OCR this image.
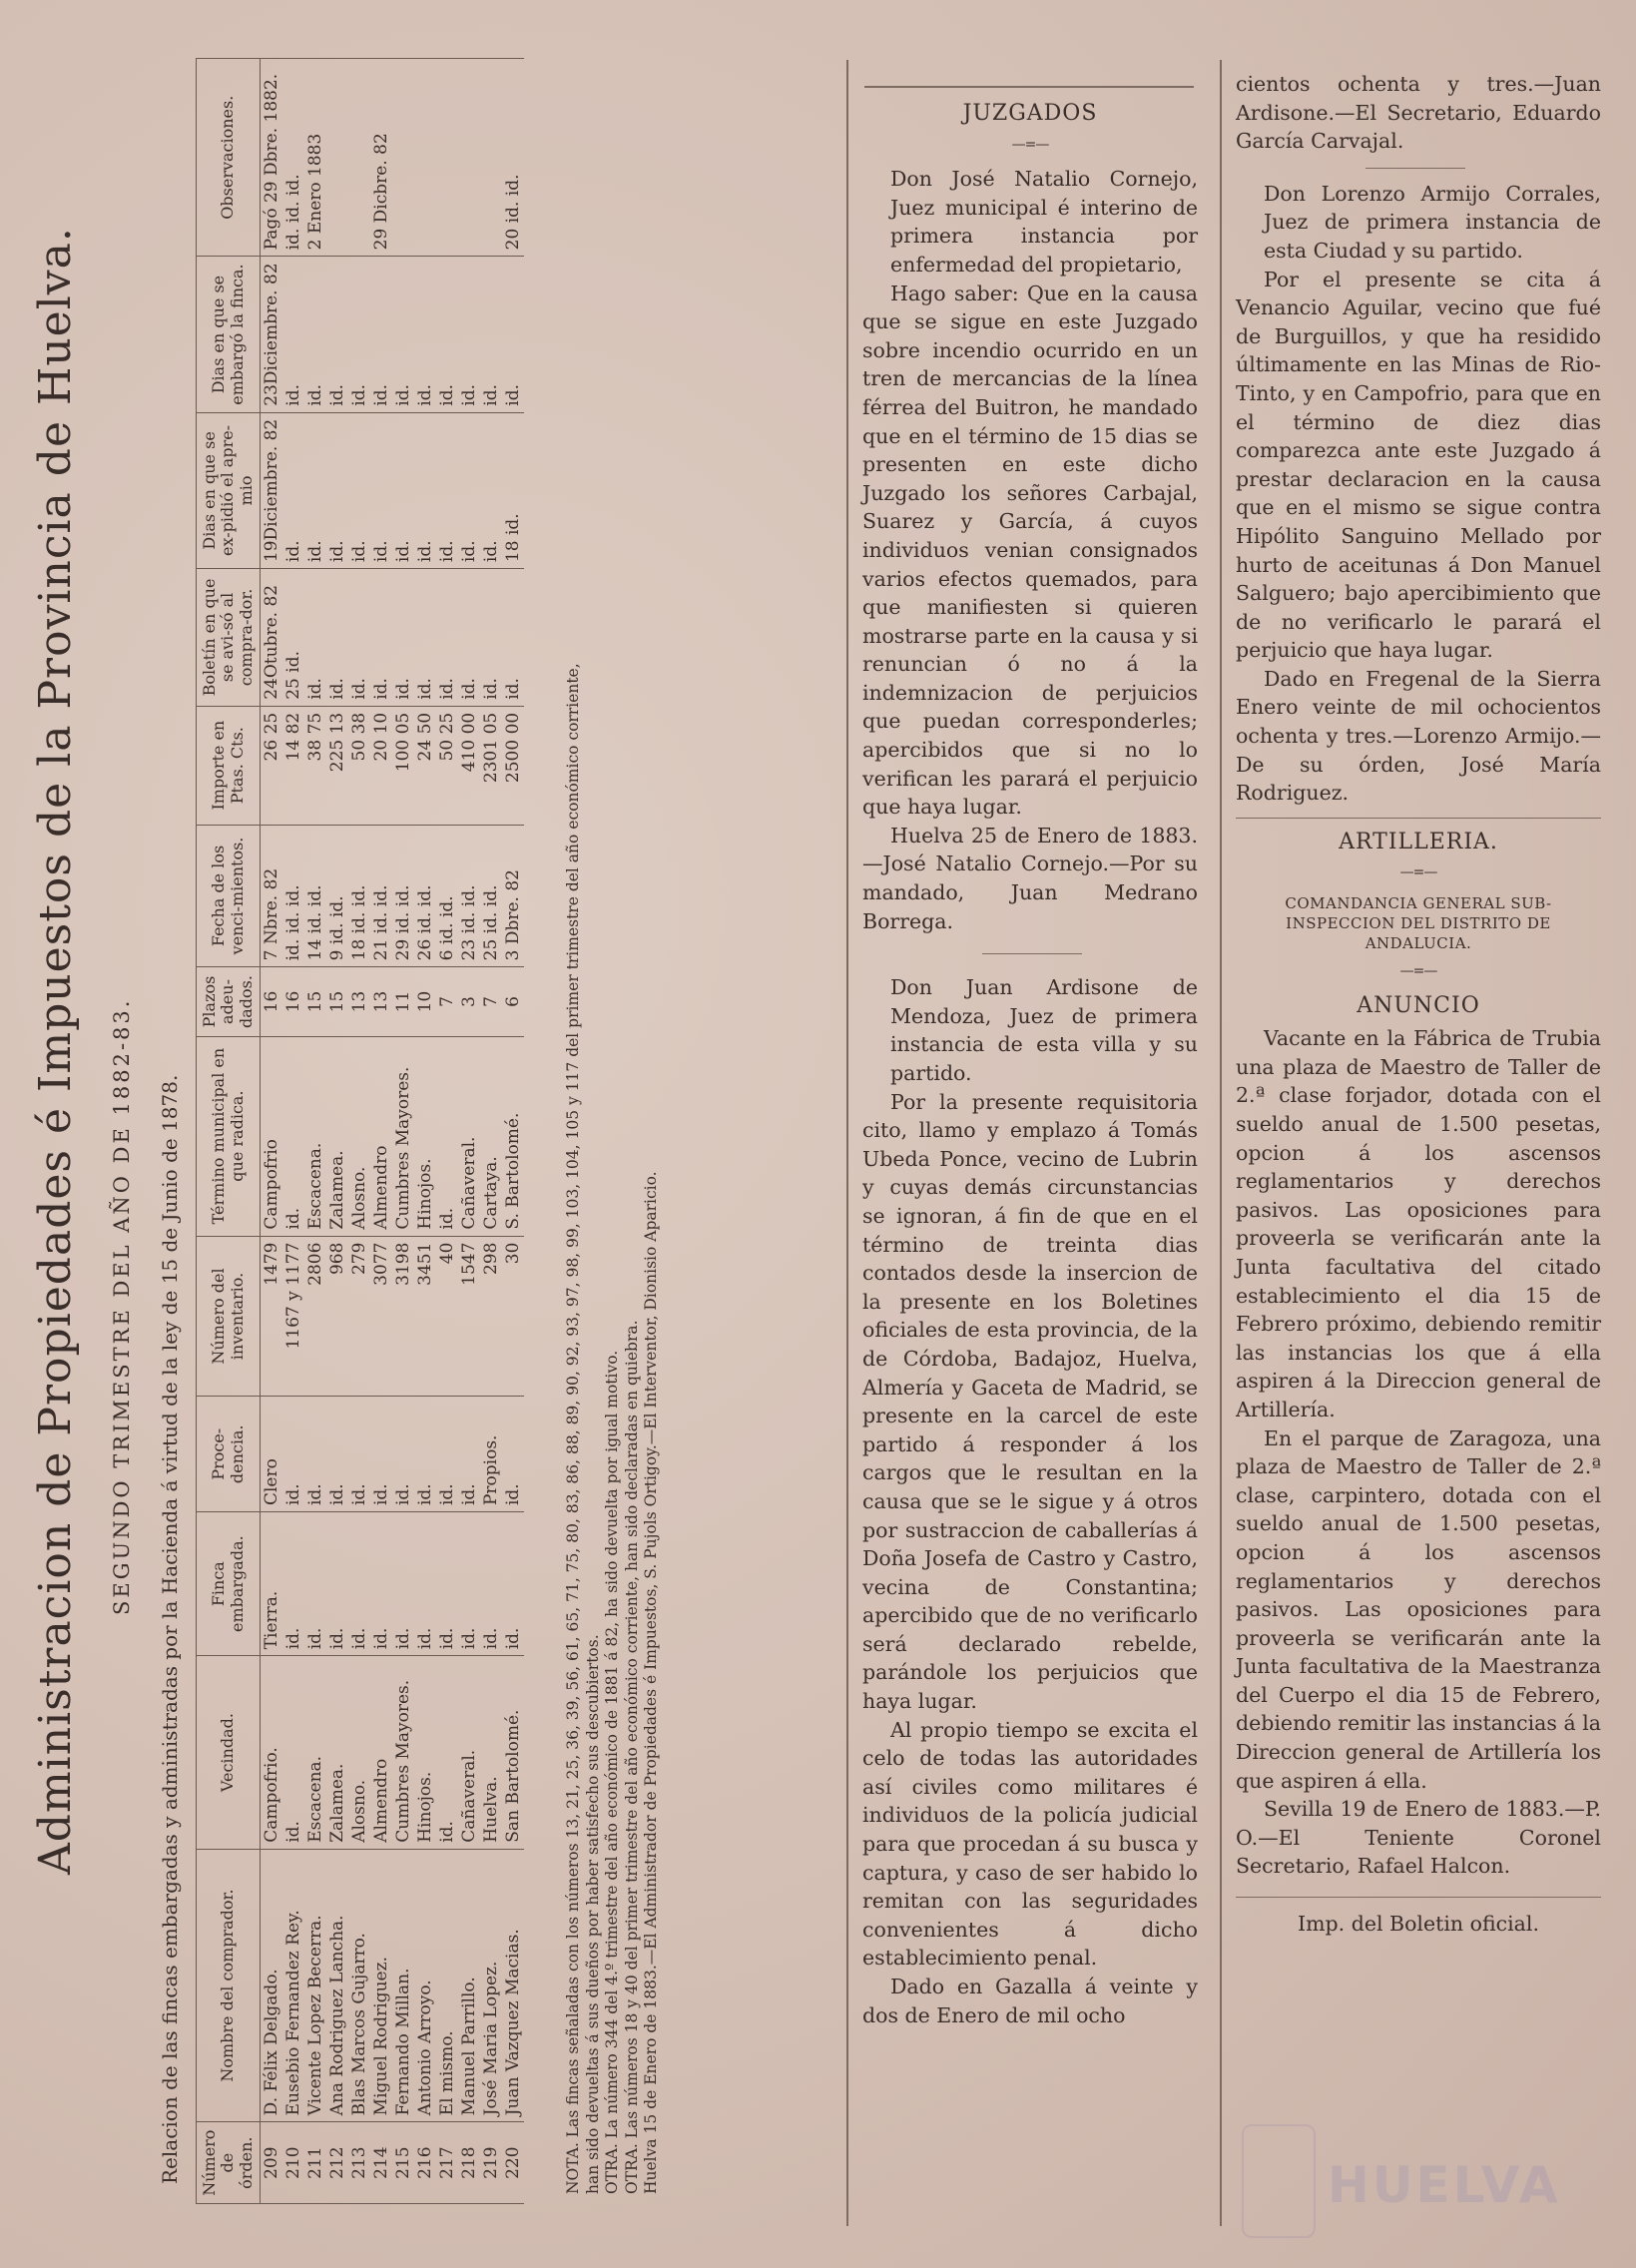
Administracion de Propiedades é Impuestos de la Provincia de Huelva. SEGUNDO TRIMESTRE DEL AÑO DE 1882-83. Relacion de las fincas embargadas y administradas por la Hacienda á virtud de la ley de 15 de Junio de 1878. Número de órden.	Nombre del comprador.	Vecindad.	Finca embargada.	Proce-dencia.	Número del inventario.	Término municipal en que radica.	Plazos adeu-dados.	Fecha de los venci-mientos.	Importe en Ptas. Cts.	Boletín en que se avi-só al compra-dor.	Dias en que se ex-pidió el apre-mio	Dias en que se embargó la finca.	Observaciones.
209	D. Félix Delgado.	Campofrio.	Tierra.	Clero	1479	Campofrio	16	7 Nbre. 82	26 25	24Otubre. 82	19Diciembre. 82	23Diciembre. 82	Pagó 29 Dbre. 1882.
210	Eusebio Fernandez Rey.	id.	id.	id.	1167 y 1177	id.	16	id. id. id.	14 82	25 id.	id.	id.	id. id. id.
211	Vicente Lopez Becerra.	Escacena.	id.	id.	2806	Escacena.	15	14 id. id.	38 75	id.	id.	id.	2 Enero 1883
212	Ana Rodriguez Lancha.	Zalamea.	id.	id.	968	Zalamea.	15	9 id. id.	225 13	id.	id.	id.	
213	Blas Marcos Gujarro.	Alosno.	id.	id.	279	Alosno.	13	18 id. id.	50 38	id.	id.	id.	
214	Miguel Rodriguez.	Almendro	id.	id.	3077	Almendro	13	21 id. id.	20 10	id.	id.	id.	29 Dicbre. 82
215	Fernando Millan.	Cumbres Mayores.	id.	id.	3198	Cumbres Mayores.	11	29 id. id.	100 05	id.	id.	id.	
216	Antonio Arroyo.	Hinojos.	id.	id.	3451	Hinojos.	10	26 id. id.	24 50	id.	id.	id.	
217	El mismo.	id.	id.	id.	40	id.	7	6 id. id.	50 25	id.	id.	id.	
218	Manuel Parrillo.	Cañaveral.	id.	id.	1547	Cañaveral.	3	23 id. id.	410 00	id.	id.	id.	
219	José Maria Lopez.	Huelva.	id.	Propios.	298	Cartaya.	7	25 id. id.	2301 05	id.	id.	id.	
220	Juan Vazquez Macias.	San Bartolomé.	id.	id.	30	S. Bartolomé.	6	3 Dbre. 82	2500 00	id.	18 id.	id.	20 id. id.

NOTA. Las fincas señaladas con los números 13, 21, 25, 36, 39, 56, 61, 65, 71, 75, 80, 83, 86, 88, 89, 90, 92, 93, 97, 98, 99, 103, 104, 105 y 117 del primer trimestre del año económico corriente, han sido devueltas á sus dueños por haber satisfecho sus descubiertos. OTRA. La número 344 del 4.º trimestre del año económico de 1881 á 82, ha sido devuelta por igual motivo. OTRA. Las números 18 y 40 del primer trimestre del año económico corriente, han sido declaradas en quiebra. Huelva 15 de Enero de 1883.—El Administrador de Propiedades é Impuestos, S. Pujols Ortigoy.—El Interventor, Dionisio Aparicio.

JUZGADOS
—=—

Don José Natalio Cornejo, Juez municipal é interino de primera instancia por enfermedad del propietario,

Hago saber: Que en la causa que se sigue en este Juzgado sobre incendio ocurrido en un tren de mercancias de la línea férrea del Buitron, he mandado que en el término de 15 dias se presenten en este dicho Juzgado los señores Carbajal, Suarez y García, á cuyos individuos venian consignados varios efectos quemados, para que manifiesten si quieren mostrarse parte en la causa y si renuncian ó no á la indemnizacion de perjuicios que puedan corresponderles; apercibidos que si no lo verifican les parará el perjuicio que haya lugar.

Huelva 25 de Enero de 1883.—José Natalio Cornejo.—Por su mandado, Juan Medrano Borrega.

Don Juan Ardisone de Mendoza, Juez de primera instancia de esta villa y su partido.

Por la presente requisitoria cito, llamo y emplazo á Tomás Ubeda Ponce, vecino de Lubrin y cuyas demás circunstancias se ignoran, á fin de que en el término de treinta dias contados desde la insercion de la presente en los Boletines oficiales de esta provincia, de la de Córdoba, Badajoz, Huelva, Almería y Gaceta de Madrid, se presente en la carcel de este partido á responder á los cargos que le resultan en la causa que se le sigue y á otros por sustraccion de caballerías á Doña Josefa de Castro y Castro, vecina de Constantina; apercibido que de no verificarlo será declarado rebelde, parándole los perjuicios que haya lugar.

Al propio tiempo se excita el celo de todas las autoridades así civiles como militares é individuos de la policía judicial para que procedan á su busca y captura, y caso de ser habido lo remitan con las seguridades convenientes á dicho establecimiento penal.

Dado en Gazalla á veinte y dos de Enero de mil ocho

cientos ochenta y tres.—Juan Ardisone.—El Secretario, Eduardo García Carvajal.

Don Lorenzo Armijo Corrales, Juez de primera instancia de esta Ciudad y su partido.

Por el presente se cita á Venancio Aguilar, vecino que fué de Burguillos, y que ha residido últimamente en las Minas de Rio-Tinto, y en Campofrio, para que en el término de diez dias comparezca ante este Juzgado á prestar declaracion en la causa que en el mismo se sigue contra Hipólito Sanguino Mellado por hurto de aceitunas á Don Manuel Salguero; bajo apercibimiento que de no verificarlo le parará el perjuicio que haya lugar.

Dado en Fregenal de la Sierra Enero veinte de mil ochocientos ochenta y tres.—Lorenzo Armijo.—De su órden, José María Rodriguez.

ARTILLERIA.
—=—
COMANDANCIA GENERAL SUB-INSPECCION DEL DISTRITO DE ANDALUCIA.
—=—
ANUNCIO

Vacante en la Fábrica de Trubia una plaza de Maestro de Taller de 2.ª clase forjador, dotada con el sueldo anual de 1.500 pesetas, opcion á los ascensos reglamentarios y derechos pasivos. Las oposiciones para proveerla se verificarán ante la Junta facultativa del citado establecimiento el dia 15 de Febrero próximo, debiendo remitir las instancias los que á ella aspiren á la Direccion general de Artillería.

En el parque de Zaragoza, una plaza de Maestro de Taller de 2.ª clase, carpintero, dotada con el sueldo anual de 1.500 pesetas, opcion á los ascensos reglamentarios y derechos pasivos. Las oposiciones para proveerla se verificarán ante la Junta facultativa de la Maestranza del Cuerpo el dia 15 de Febrero, debiendo remitir las instancias á la Direccion general de Artillería los que aspiren á ella.

Sevilla 19 de Enero de 1883.—P. O.—El Teniente Coronel Secretario, Rafael Halcon.

Imp. del Boletin oficial.

HUELVA
